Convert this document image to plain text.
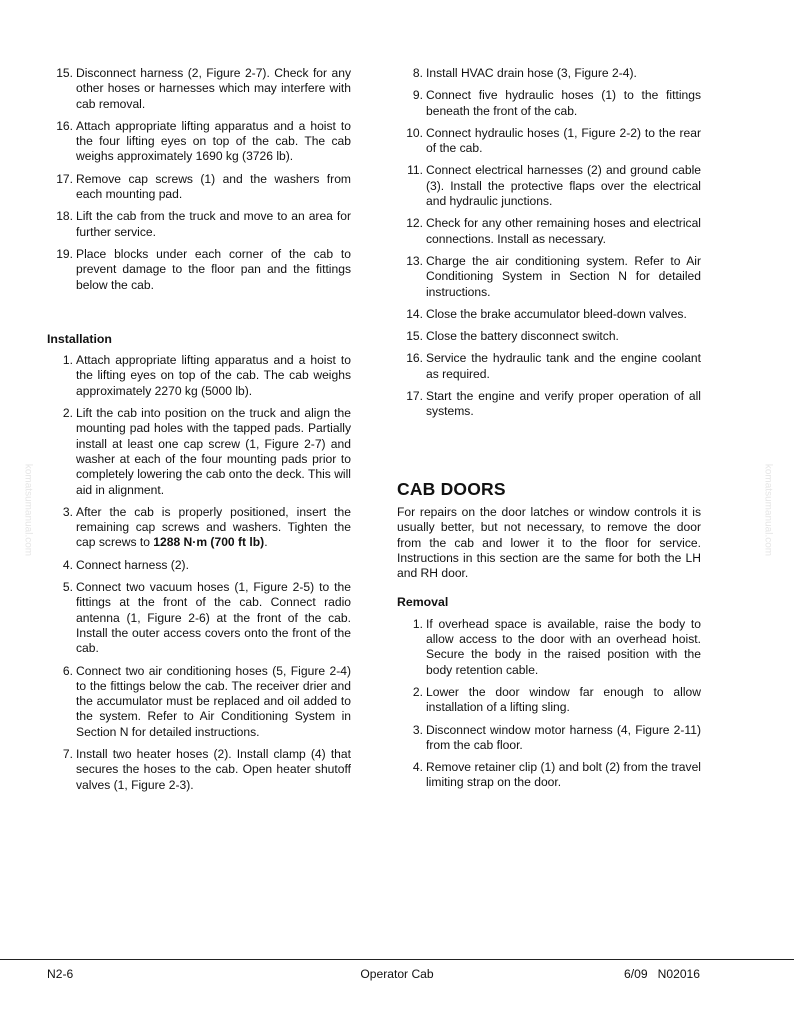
komatsumanual.com	komatsumanual.com
15. Disconnect harness (2, Figure 2-7). Check for any other hoses or harnesses which may interfere with cab removal.
16. Attach appropriate lifting apparatus and a hoist to the four lifting eyes on top of the cab. The cab weighs approximately 1690 kg (3726 lb).
17. Remove cap screws (1) and the washers from each mounting pad.
18. Lift the cab from the truck and move to an area for further service.
19. Place blocks under each corner of the cab to prevent damage to the floor pan and the fittings below the cab.
Installation
1. Attach appropriate lifting apparatus and a hoist to the lifting eyes on top of the cab. The cab weighs approximately 2270 kg (5000 lb).
2. Lift the cab into position on the truck and align the mounting pad holes with the tapped pads. Partially install at least one cap screw (1, Figure 2-7) and washer at each of the four mounting pads prior to completely lowering the cab onto the deck. This will aid in alignment.
3. After the cab is properly positioned, insert the remaining cap screws and washers. Tighten the cap screws to 1288 N·m (700 ft lb).
4. Connect harness (2).
5. Connect two vacuum hoses (1, Figure 2-5) to the fittings at the front of the cab. Connect radio antenna (1, Figure 2-6) at the front of the cab. Install the outer access covers onto the front of the cab.
6. Connect two air conditioning hoses (5, Figure 2-4) to the fittings below the cab. The receiver drier and the accumulator must be replaced and oil added to the system. Refer to Air Conditioning System in Section N for detailed instructions.
7. Install two heater hoses (2). Install clamp (4) that secures the hoses to the cab. Open heater shutoff valves (1, Figure 2-3).
8. Install HVAC drain hose (3, Figure 2-4).
9. Connect five hydraulic hoses (1) to the fittings beneath the front of the cab.
10. Connect hydraulic hoses (1, Figure 2-2) to the rear of the cab.
11. Connect electrical harnesses (2) and ground cable (3). Install the protective flaps over the electrical and hydraulic junctions.
12. Check for any other remaining hoses and electrical connections. Install as necessary.
13. Charge the air conditioning system. Refer to Air Conditioning System in Section N for detailed instructions.
14. Close the brake accumulator bleed-down valves.
15. Close the battery disconnect switch.
16. Service the hydraulic tank and the engine coolant as required.
17. Start the engine and verify proper operation of all systems.
CAB DOORS

For repairs on the door latches or window controls it is usually better, but not necessary, to remove the door from the cab and lower it to the floor for service. Instructions in this section are the same for both the LH and RH door.

Removal
1. If overhead space is available, raise the body to allow access to the door with an overhead hoist. Secure the body in the raised position with the body retention cable.
2. Lower the door window far enough to allow installation of a lifting sling.
3. Disconnect window motor harness (4, Figure 2-11) from the cab floor.
4. Remove retainer clip (1) and bolt (2) from the travel limiting strap on the door.
N2-6	Operator Cab	6/09   N02016
